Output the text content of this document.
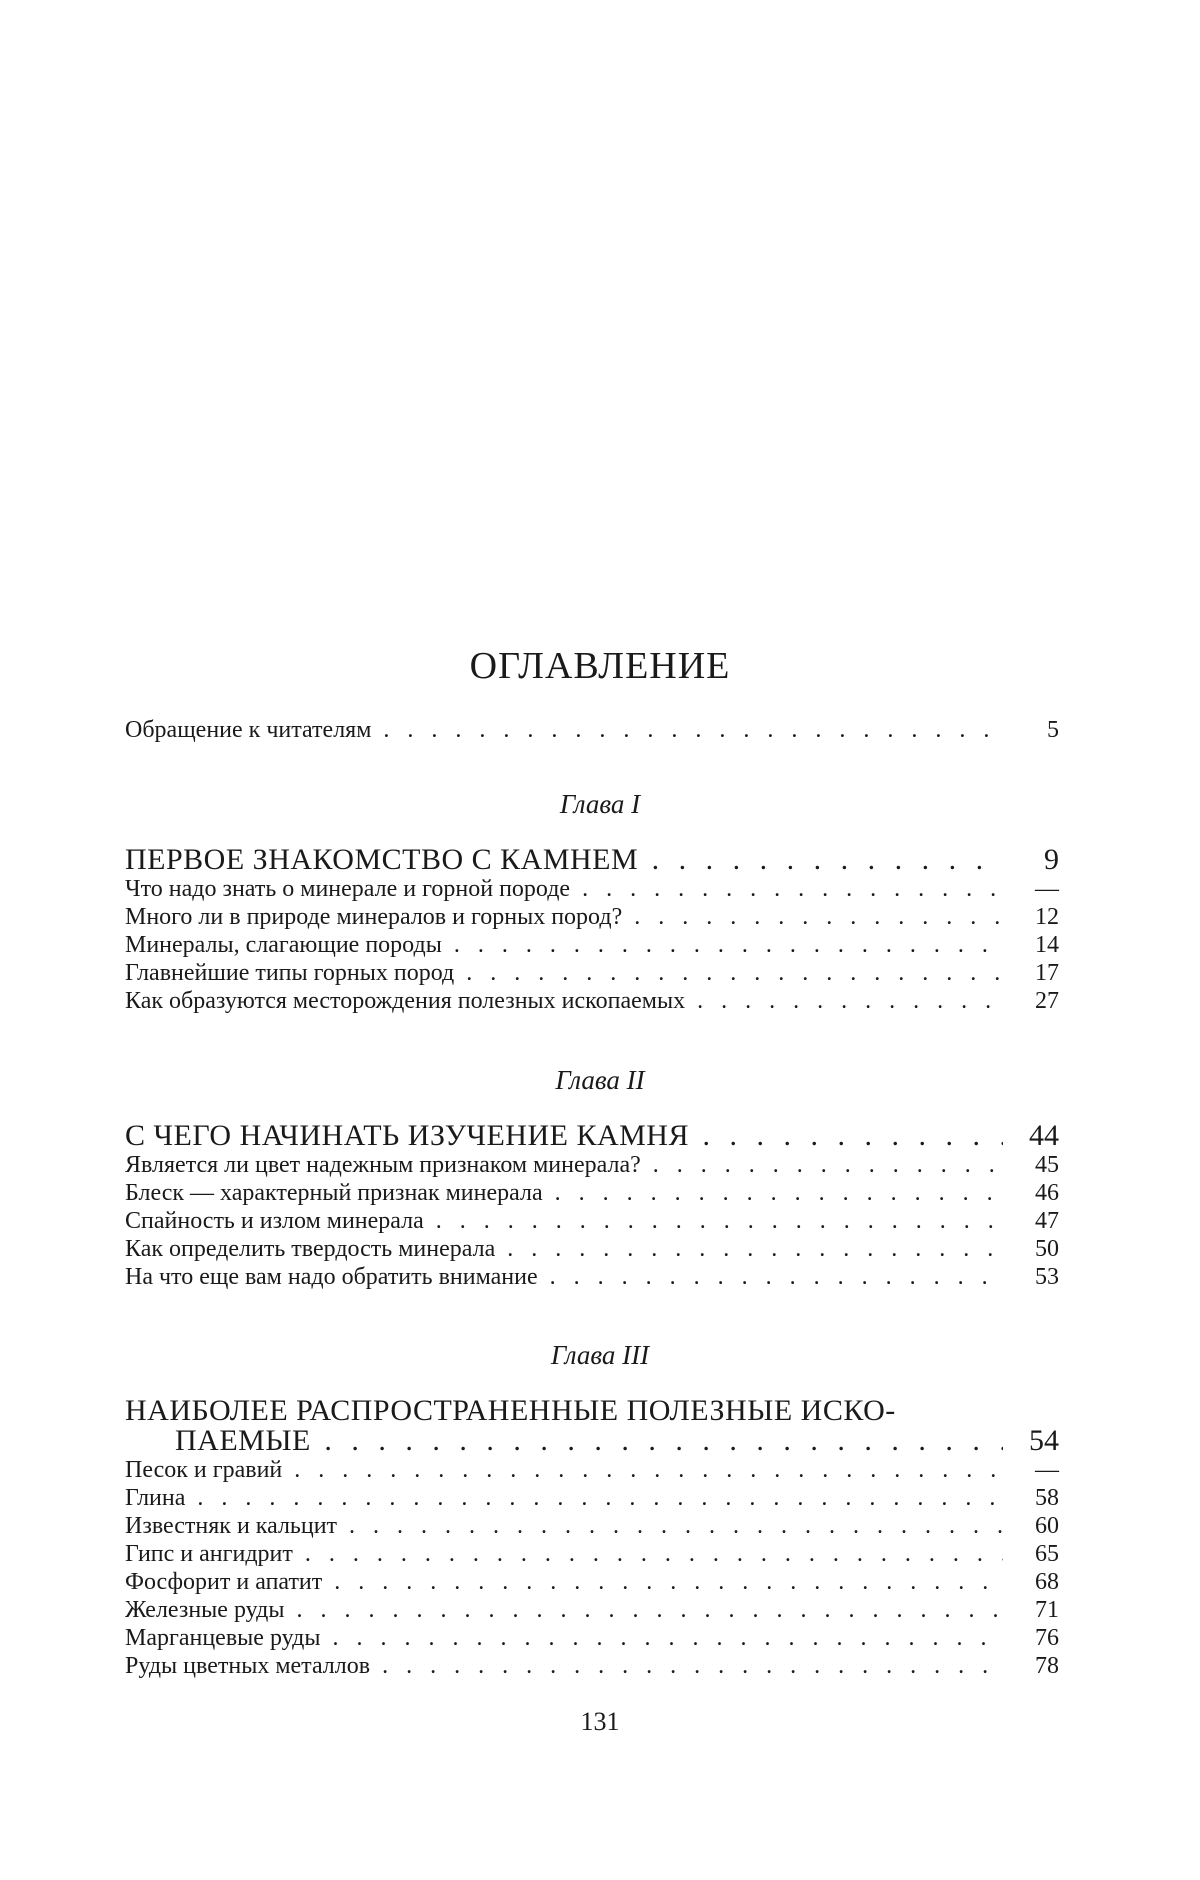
ОГЛАВЛЕНИЕ
Обращение к читателям . . .	5
Глава I
ПЕРВОЕ ЗНАКОМСТВО С КАМНЕМ . . .	9
Что надо знать о минерале и горной породе . . .	—
Много ли в природе минералов и горных пород? . . .	12
Минералы, слагающие породы . . .	14
Главнейшие типы горных пород . . .	17
Как образуются месторождения полезных ископаемых . . .	27
Глава II
С ЧЕГО НАЧИНАТЬ ИЗУЧЕНИЕ КАМНЯ . . .	44
Является ли цвет надежным признаком минерала? . . .	45
Блеск — характерный признак минерала . . .	46
Спайность и излом минерала . . .	47
Как определить твердость минерала . . .	50
На что еще вам надо обратить внимание . . .	53
Глава III
НАИБОЛЕЕ РАСПРОСТРАНЕННЫЕ ПОЛЕЗНЫЕ ИСКО-
ПАЕМЫЕ . . .	54
Песок и гравий . . .	—
Глина . . .	58
Известняк и кальцит . . .	60
Гипс и ангидрит . . .	65
Фосфорит и апатит . . .	68
Железные руды . . .	71
Марганцевые руды . . .	76
Руды цветных металлов . . .	78
131
